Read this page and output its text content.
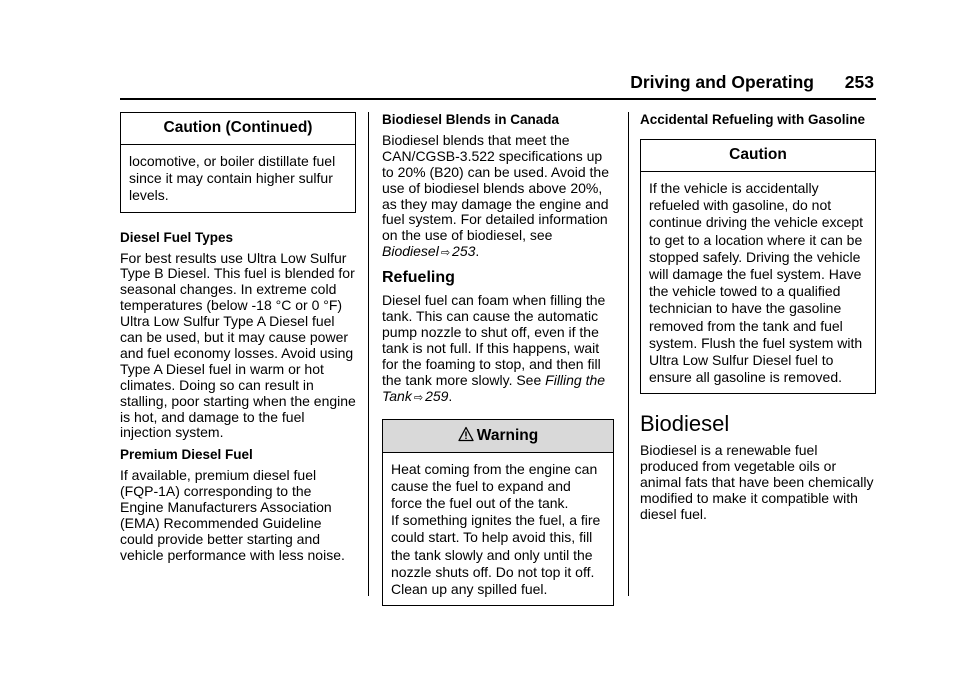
Driving and Operating 253
Caution (Continued)
locomotive, or boiler distillate fuel since it may contain higher sulfur levels.
Diesel Fuel Types

For best results use Ultra Low Sulfur Type B Diesel. This fuel is blended for seasonal changes. In extreme cold temperatures (below -18 °C or 0 °F) Ultra Low Sulfur Type A Diesel fuel can be used, but it may cause power and fuel economy losses. Avoid using Type A Diesel fuel in warm or hot climates. Doing so can result in stalling, poor starting when the engine is hot, and damage to the fuel injection system.

Premium Diesel Fuel

If available, premium diesel fuel (FQP-1A) corresponding to the Engine Manufacturers Association (EMA) Recommended Guideline could provide better starting and vehicle performance with less noise.

Biodiesel Blends in Canada

Biodiesel blends that meet the CAN/CGSB-3.522 specifications up to 20% (B20) can be used. Avoid the use of biodiesel blends above 20%, as they may damage the engine and fuel system. For detailed information on the use of biodiesel, see Biodiesel ⇨ 253.

Refueling

Diesel fuel can foam when filling the tank. This can cause the automatic pump nozzle to shut off, even if the tank is not full. If this happens, wait for the foaming to stop, and then fill the tank more slowly. See Filling the Tank ⇨ 259.

Warning
Heat coming from the engine can cause the fuel to expand and force the fuel out of the tank.
If something ignites the fuel, a fire could start. To help avoid this, fill the tank slowly and only until the nozzle shuts off. Do not top it off. Clean up any spilled fuel.
Accidental Refueling with Gasoline
Caution
If the vehicle is accidentally refueled with gasoline, do not continue driving the vehicle except to get to a location where it can be stopped safely. Driving the vehicle will damage the fuel system. Have the vehicle towed to a qualified technician to have the gasoline removed from the tank and fuel system. Flush the fuel system with Ultra Low Sulfur Diesel fuel to ensure all gasoline is removed.
Biodiesel

Biodiesel is a renewable fuel produced from vegetable oils or animal fats that have been chemically modified to make it compatible with diesel fuel.
